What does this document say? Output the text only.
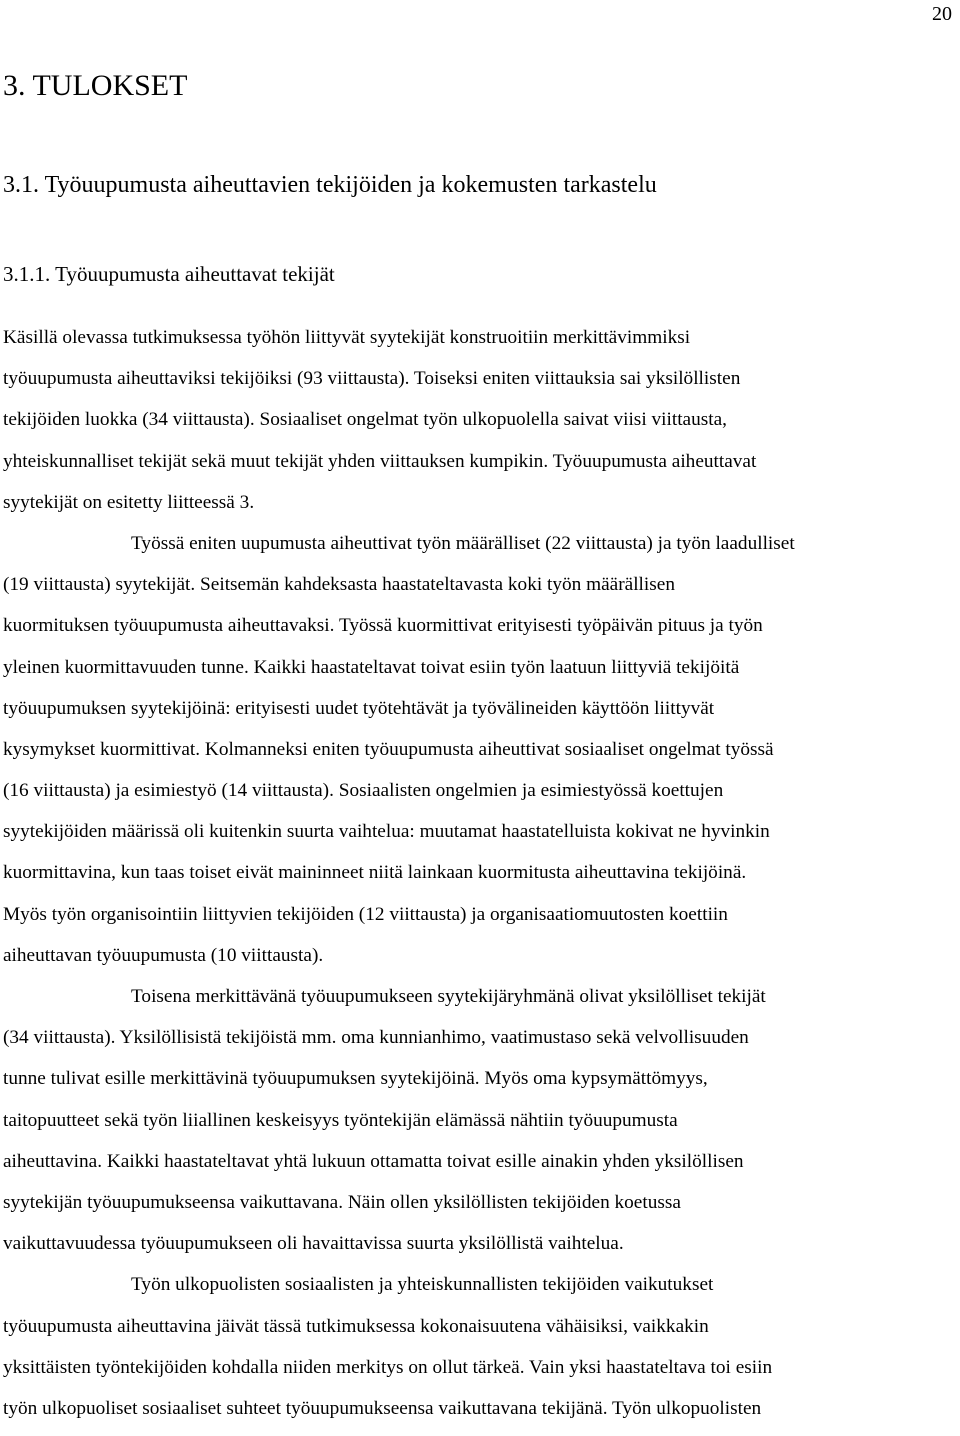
20
3. TULOKSET
3.1. Työuupumusta aiheuttavien tekijöiden ja kokemusten tarkastelu
3.1.1. Työuupumusta aiheuttavat tekijät
Käsillä olevassa tutkimuksessa työhön liittyvät syytekijät konstruoitiin merkittävimmiksi
työuupumusta aiheuttaviksi tekijöiksi (93 viittausta). Toiseksi eniten viittauksia sai yksilöllisten
tekijöiden luokka (34 viittausta). Sosiaaliset ongelmat työn ulkopuolella saivat viisi viittausta,
yhteiskunnalliset tekijät sekä muut tekijät yhden viittauksen kumpikin. Työuupumusta aiheuttavat
syytekijät on esitetty liitteessä 3.
Työssä eniten uupumusta aiheuttivat työn määrälliset (22 viittausta) ja työn laadulliset
(19 viittausta) syytekijät. Seitsemän kahdeksasta haastateltavasta koki työn määrällisen
kuormituksen työuupumusta aiheuttavaksi. Työssä kuormittivat erityisesti työpäivän pituus ja työn
yleinen kuormittavuuden tunne. Kaikki haastateltavat toivat esiin työn laatuun liittyviä tekijöitä
työuupumuksen syytekijöinä: erityisesti uudet työtehtävät ja työvälineiden käyttöön liittyvät
kysymykset kuormittivat. Kolmanneksi eniten työuupumusta aiheuttivat sosiaaliset ongelmat työssä
(16 viittausta) ja esimiestyö (14 viittausta). Sosiaalisten ongelmien ja esimiestyössä koettujen
syytekijöiden määrissä oli kuitenkin suurta vaihtelua: muutamat haastatelluista kokivat ne hyvinkin
kuormittavina, kun taas toiset eivät maininneet niitä lainkaan kuormitusta aiheuttavina tekijöinä.
Myös työn organisointiin liittyvien tekijöiden (12 viittausta) ja organisaatiomuutosten koettiin
aiheuttavan työuupumusta (10 viittausta).
Toisena merkittävänä työuupumukseen syytekijäryhmänä olivat yksilölliset tekijät
(34 viittausta). Yksilöllisistä tekijöistä mm. oma kunnianhimo, vaatimustaso sekä velvollisuuden
tunne tulivat esille merkittävinä työuupumuksen syytekijöinä. Myös oma kypsymättömyys,
taitopuutteet sekä työn liiallinen keskeisyys työntekijän elämässä nähtiin työuupumusta
aiheuttavina. Kaikki haastateltavat yhtä lukuun ottamatta toivat esille ainakin yhden yksilöllisen
syytekijän työuupumukseensa vaikuttavana. Näin ollen yksilöllisten tekijöiden koetussa
vaikuttavuudessa työuupumukseen oli havaittavissa suurta yksilöllistä vaihtelua.
Työn ulkopuolisten sosiaalisten ja yhteiskunnallisten tekijöiden vaikutukset
työuupumusta aiheuttavina jäivät tässä tutkimuksessa kokonaisuutena vähäisiksi, vaikkakin
yksittäisten työntekijöiden kohdalla niiden merkitys on ollut tärkeä. Vain yksi haastateltava toi esiin
työn ulkopuoliset sosiaaliset suhteet työuupumukseensa vaikuttavana tekijänä. Työn ulkopuolisten
